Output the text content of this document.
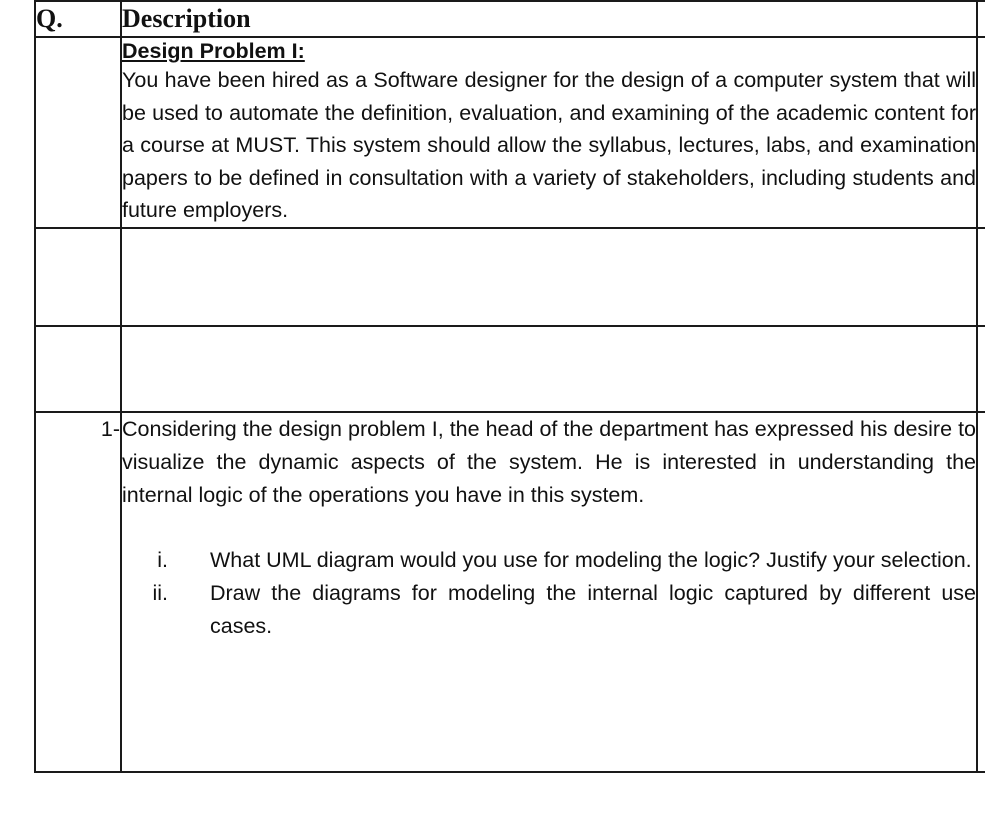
Q.	Description	

	Design Problem I:
You have been hired as a Software designer for the design of a computer system that will be used to automate the definition, evaluation, and examining of the academic content for a course at MUST. This system should allow the syllabus, lectures, labs, and examination papers to be defined in consultation with a variety of stakeholders, including students and future employers.	

1-	Considering the design problem I, the head of the department has expressed his desire to visualize the dynamic aspects of the system. He is interested in understanding the internal logic of the operations you have in this system.
i. What UML diagram would you use for modeling the logic? Justify your selection.
ii. Draw the diagrams for modeling the internal logic captured by different use cases.	
